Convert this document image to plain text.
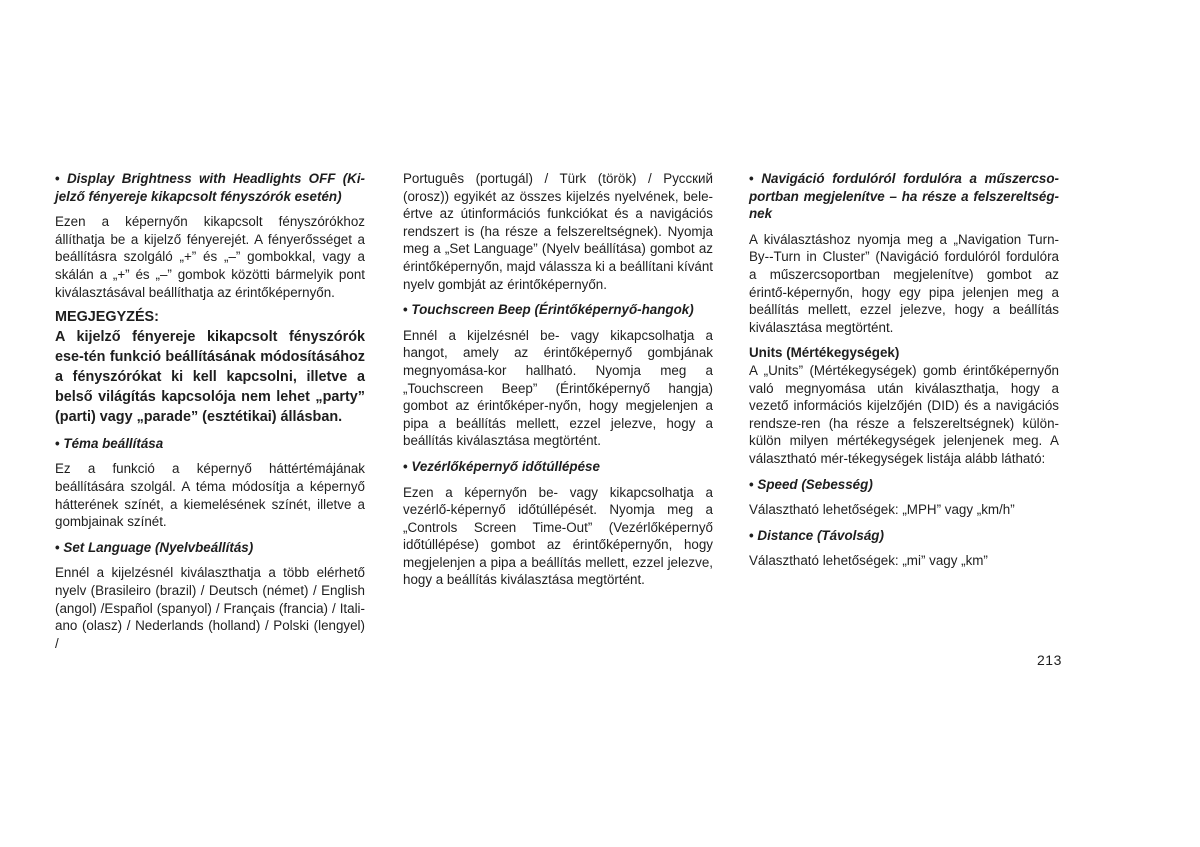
• Display Brightness with Headlights OFF (Ki-jelző fényereje kikapcsolt fényszórók esetén)

Ezen a képernyőn kikapcsolt fényszórókhoz állíthatja be a kijelző fényerejét. A fényerősséget a beállításra szolgáló „+” és „–” gombokkal, vagy a skálán a „+” és „–” gombok közötti bármelyik pont kiválasztásával beállíthatja az érintőképernyőn.

MEGJEGYZÉS:

A kijelző fényereje kikapcsolt fényszórók ese-tén funkció beállításának módosításához a fényszórókat ki kell kapcsolni, illetve a belső világítás kapcsolója nem lehet „party” (parti) vagy „parade” (esztétikai) állásban.

• Téma beállítása

Ez a funkció a képernyő háttértémájának beállítására szolgál. A téma módosítja a képernyő hátterének színét, a kiemelésének színét, illetve a gombjainak színét.

• Set Language (Nyelvbeállítás)

Ennél a kijelzésnél kiválaszthatja a több elérhető nyelv (Brasileiro (brazil) / Deutsch (német) / English (angol) /Español (spanyol) / Français (francia) / Itali-ano (olasz) / Nederlands (holland) / Polski (lengyel) /

Português (portugál) / Türk (török) / Русский (orosz)) egyikét az összes kijelzés nyelvének, bele-értve az útinformációs funkciókat és a navigációs rendszert is (ha része a felszereltségnek). Nyomja meg a „Set Language” (Nyelv beállítása) gombot az érintőképernyőn, majd válassza ki a beállítani kívánt nyelv gombját az érintőképernyőn.

• Touchscreen Beep (Érintőképernyő-hangok)

Ennél a kijelzésnél be- vagy kikapcsolhatja a hangot, amely az érintőképernyő gombjának megnyomása-kor hallható. Nyomja meg a „Touchscreen Beep” (Érintőképernyő hangja) gombot az érintőképer-nyőn, hogy megjelenjen a pipa a beállítás mellett, ezzel jelezve, hogy a beállítás kiválasztása megtörtént.

• Vezérlőképernyő időtúllépése

Ezen a képernyőn be- vagy kikapcsolhatja a vezérlő-képernyő időtúllépését. Nyomja meg a „Controls Screen Time-Out” (Vezérlőképernyő időtúllépése) gombot az érintőképernyőn, hogy megjelenjen a pipa a beállítás mellett, ezzel jelezve, hogy a beállítás kiválasztása megtörtént.

• Navigáció fordulóról fordulóra a műszercso-portban megjelenítve – ha része a felszereltség-nek

A kiválasztáshoz nyomja meg a „Navigation Turn-By--Turn in Cluster” (Navigáció fordulóról fordulóra a műszercsoportban megjelenítve) gombot az érintő-képernyőn, hogy egy pipa jelenjen meg a beállítás mellett, ezzel jelezve, hogy a beállítás kiválasztása megtörtént.

Units (Mértékegységek)

A „Units” (Mértékegységek) gomb érintőképernyőn való megnyomása után kiválaszthatja, hogy a vezető információs kijelzőjén (DID) és a navigációs rendsze-ren (ha része a felszereltségnek) külön-külön milyen mértékegységek jelenjenek meg. A választható mér-tékegységek listája alább látható:

• Speed (Sebesség)

Választható lehetőségek: „MPH” vagy „km/h”

• Distance (Távolság)

Választható lehetőségek: „mi” vagy „km”

213
